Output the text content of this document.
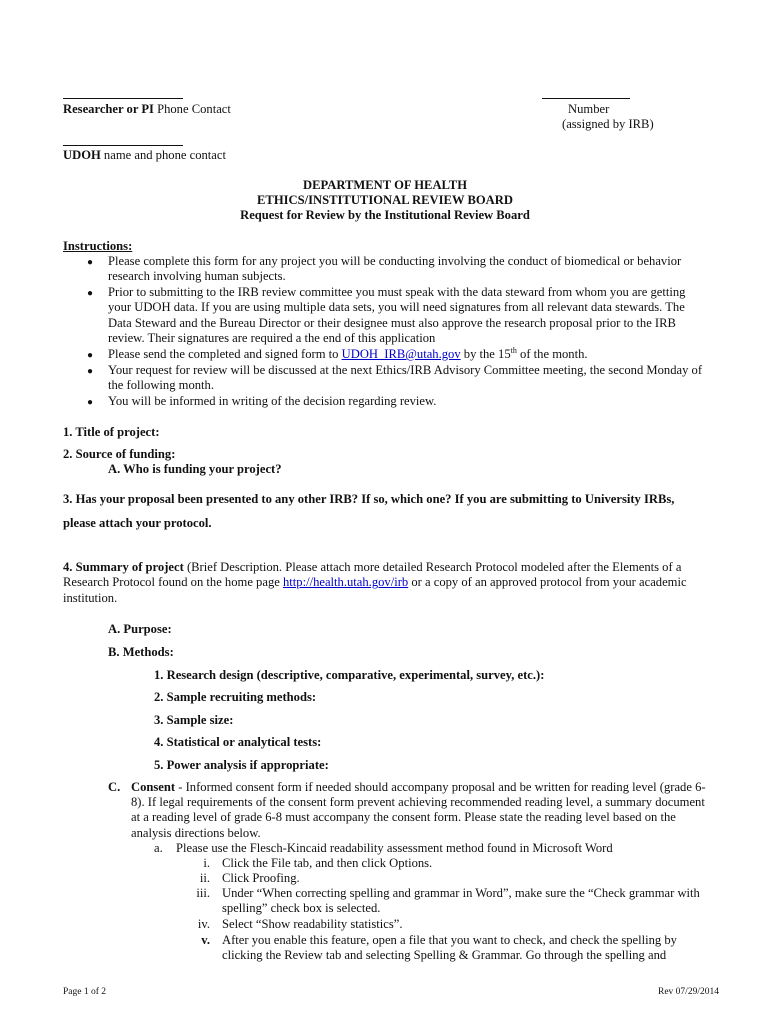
Researcher or PI Phone Contact	Number
(assigned by IRB)
UDOH name and phone contact
DEPARTMENT OF HEALTH
ETHICS/INSTITUTIONAL REVIEW BOARD
Request for Review by the Institutional Review Board
Instructions:
● Please complete this form for any project you will be conducting involving the conduct of biomedical or behavior
research involving human subjects.
● Prior to submitting to the IRB review committee you must speak with the data steward from whom you are getting
your UDOH data. If you are using multiple data sets, you will need signatures from all relevant data stewards. The
Data Steward and the Bureau Director or their designee must also approve the research proposal prior to the IRB
review. Their signatures are required a the end of this application
● Please send the completed and signed form to UDOH_IRB@utah.gov by the 15th of the month.
● Your request for review will be discussed at the next Ethics/IRB Advisory Committee meeting, the second Monday of
the following month.
● You will be informed in writing of the decision regarding review.
1. Title of project:
2. Source of funding:
A. Who is funding your project?
3. Has your proposal been presented to any other IRB? If so, which one? If you are submitting to University IRBs,
please attach your protocol.
4. Summary of project (Brief Description. Please attach more detailed Research Protocol modeled after the Elements of a
Research Protocol found on the home page http://health.utah.gov/irb or a copy of an approved protocol from your academic
institution.
A. Purpose:
B. Methods:
1. Research design (descriptive, comparative, experimental, survey, etc.):
2. Sample recruiting methods:
3. Sample size:
4. Statistical or analytical tests:
5. Power analysis if appropriate:
C. Consent - Informed consent form if needed should accompany proposal and be written for reading level (grade 6-
8). If legal requirements of the consent form prevent achieving recommended reading level, a summary document
at a reading level of grade 6-8 must accompany the consent form. Please state the reading level based on the
analysis directions below.
a. Please use the Flesch-Kincaid readability assessment method found in Microsoft Word
i. Click the File tab, and then click Options.
ii. Click Proofing.
iii. Under “When correcting spelling and grammar in Word”, make sure the “Check grammar with
spelling” check box is selected.
iv. Select “Show readability statistics”.
v. After you enable this feature, open a file that you want to check, and check the spelling by
clicking the Review tab and selecting Spelling & Grammar. Go through the spelling and
Page 1 of 2	Rev 07/29/2014
